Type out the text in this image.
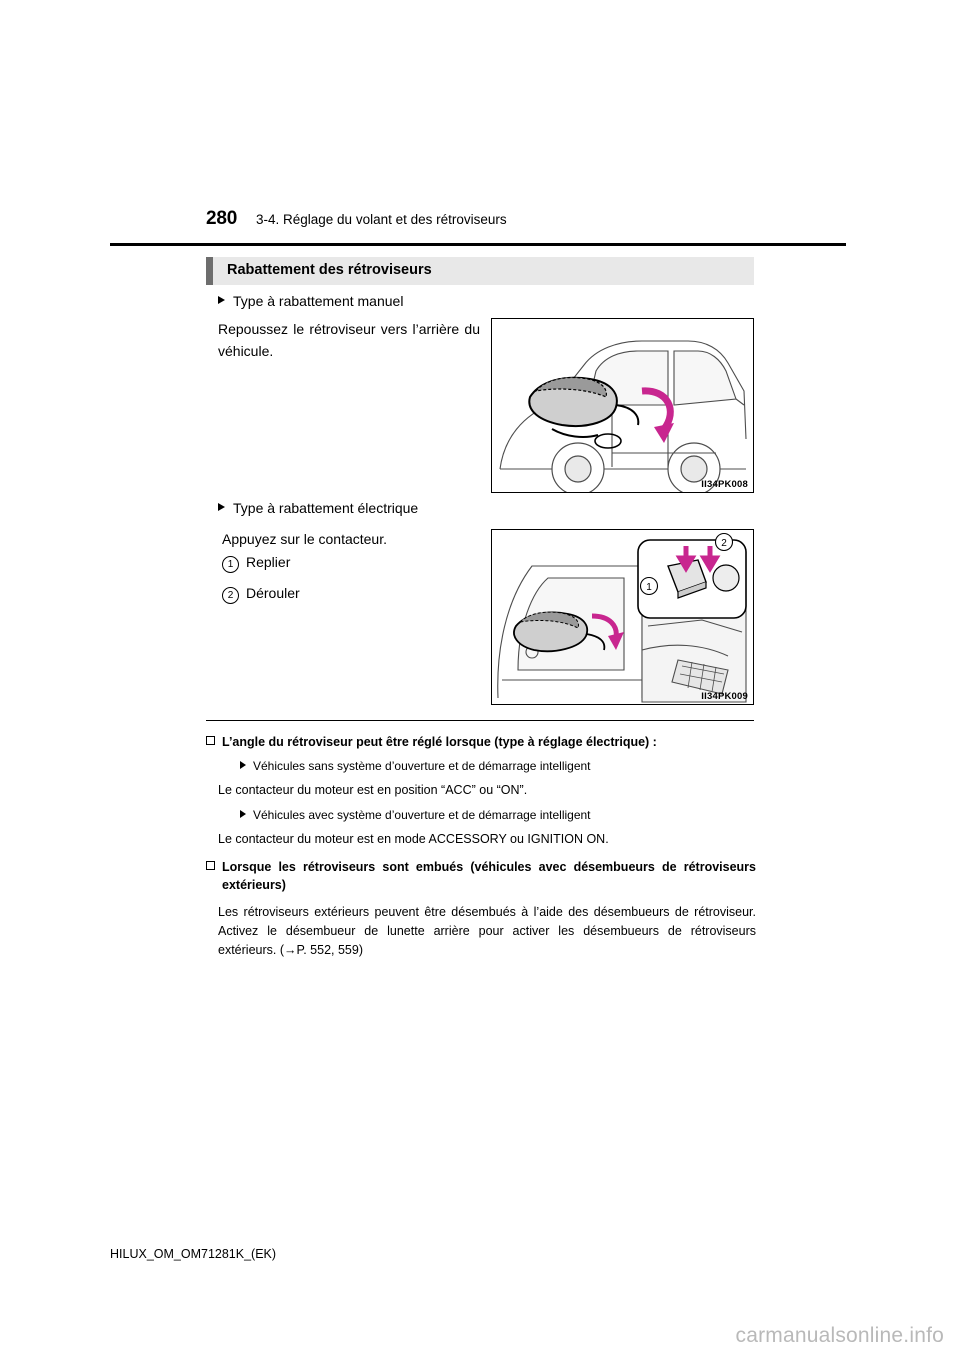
280 3-4. Réglage du volant et des rétroviseurs
Rabattement des rétroviseurs
Type à rabattement manuel
Repoussez le rétroviseur vers l’arrière du véhicule.
II34PK008
Type à rabattement électrique
Appuyez sur le contacteur.
1 Replier
2 Dérouler	1
2
II34PK009
L’angle du rétroviseur peut être réglé lorsque (type à réglage électrique) :
Véhicules sans système d’ouverture et de démarrage intelligent
Le contacteur du moteur est en position “ACC” ou “ON”.
Véhicules avec système d’ouverture et de démarrage intelligent
Le contacteur du moteur est en mode ACCESSORY ou IGNITION ON.
Lorsque les rétroviseurs sont embués (véhicules avec désembueurs de rétroviseurs extérieurs)
Les rétroviseurs extérieurs peuvent être désembués à l’aide des désembueurs de rétroviseur. Activez le désembueur de lunette arrière pour activer les désembueurs de rétroviseurs extérieurs. (→P. 552, 559)
HILUX_OM_OM71281K_(EK)
carmanualsonline.info
